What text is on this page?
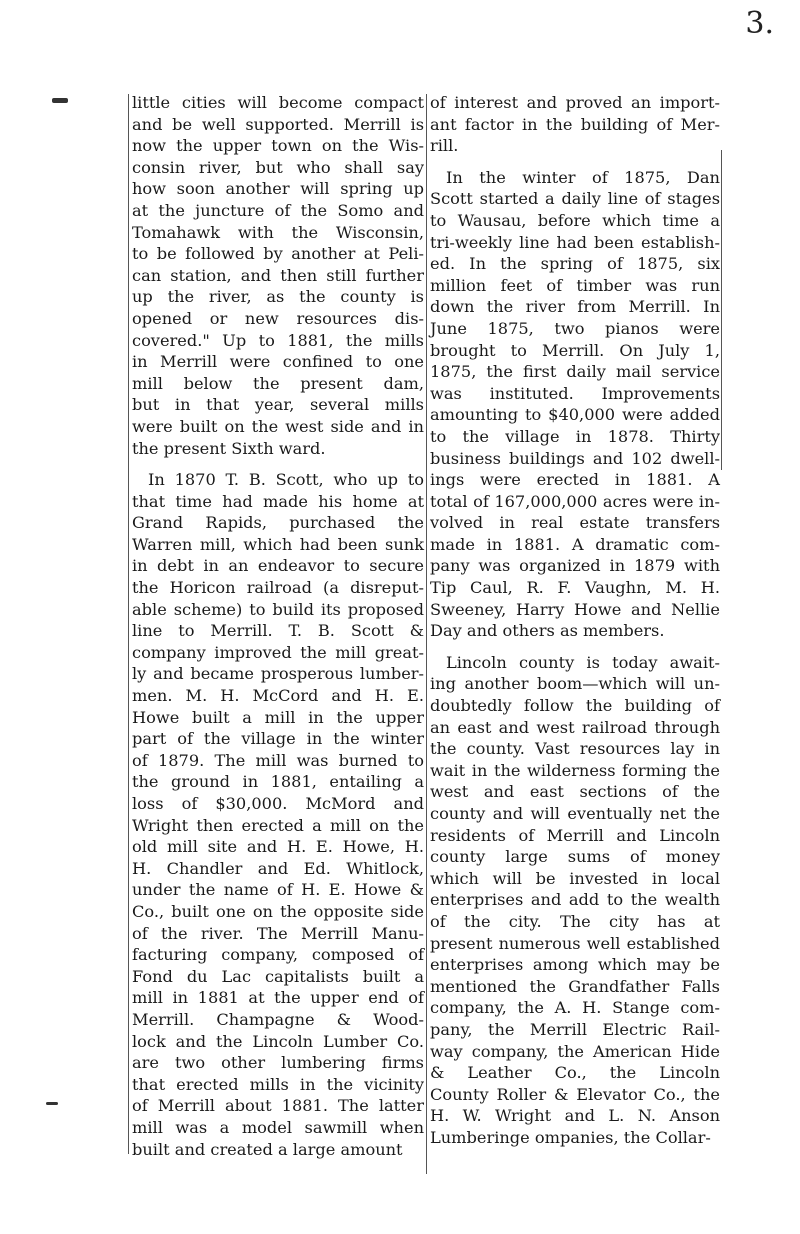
3.
little cities will become compact
and be well supported. Merrill is
now the upper town on the Wis-
consin river, but who shall say
how soon another will spring up
at the juncture of the Somo and
Tomahawk with the Wisconsin,
to be followed by another at Peli-
can station, and then still further
up the river, as the county is
opened or new resources dis-
covered." Up to 1881, the mills
in Merrill were confined to one
mill below the present dam,
but in that year, several mills
were built on the west side and in
the present Sixth ward.
In 1870 T. B. Scott, who up to
that time had made his home at
Grand Rapids, purchased the
Warren mill, which had been sunk
in debt in an endeavor to secure
the Horicon railroad (a disreput-
able scheme) to build its proposed
line to Merrill. T. B. Scott &
company improved the mill great-
ly and became prosperous lumber-
men. M. H. McCord and H. E.
Howe built a mill in the upper
part of the village in the winter
of 1879. The mill was burned to
the ground in 1881, entailing a
loss of $30,000. McMord and
Wright then erected a mill on the
old mill site and H. E. Howe, H.
H. Chandler and Ed. Whitlock,
under the name of H. E. Howe &
Co., built one on the opposite side
of the river. The Merrill Manu-
facturing company, composed of
Fond du Lac capitalists built a
mill in 1881 at the upper end of
Merrill. Champagne & Wood-
lock and the Lincoln Lumber Co.
are two other lumbering firms
that erected mills in the vicinity
of Merrill about 1881. The latter
mill was a model sawmill when
built and created a large amount
of interest and proved an import-
ant factor in the building of Mer-
rill.
In the winter of 1875, Dan
Scott started a daily line of stages
to Wausau, before which time a
tri-weekly line had been establish-
ed. In the spring of 1875, six
million feet of timber was run
down the river from Merrill. In
June 1875, two pianos were
brought to Merrill. On July 1,
1875, the first daily mail service
was instituted. Improvements
amounting to $40,000 were added
to the village in 1878. Thirty
business buildings and 102 dwell-
ings were erected in 1881. A
total of 167,000,000 acres were in-
volved in real estate transfers
made in 1881. A dramatic com-
pany was organized in 1879 with
Tip Caul, R. F. Vaughn, M. H.
Sweeney, Harry Howe and Nellie
Day and others as members.
Lincoln county is today await-
ing another boom—which will un-
doubtedly follow the building of
an east and west railroad through
the county. Vast resources lay in
wait in the wilderness forming the
west and east sections of the
county and will eventually net the
residents of Merrill and Lincoln
county large sums of money
which will be invested in local
enterprises and add to the wealth
of the city. The city has at
present numerous well established
enterprises among which may be
mentioned the Grandfather Falls
company, the A. H. Stange com-
pany, the Merrill Electric Rail-
way company, the American Hide
& Leather Co., the Lincoln
County Roller & Elevator Co., the
H. W. Wright and L. N. Anson
Lumberinge ompanies, the Collar-
